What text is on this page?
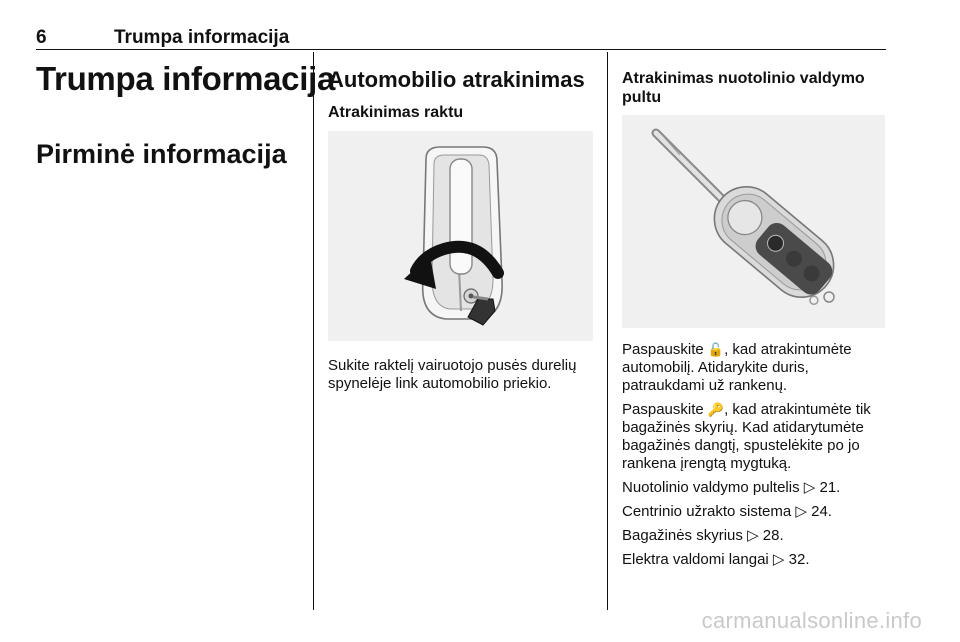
6	Trumpa informacija
Trumpa informacija
Pirminė informacija
Automobilio atrakinimas
Atrakinimas raktu
Sukite raktelį vairuotojo pusės durelių spynelėje link automobilio priekio.
Atrakinimas nuotolinio valdymo pultu

Paspauskite 🔓, kad atrakintumėte automobilį. Atidarykite duris, patraukdami už rankenų.

Paspauskite 🔑, kad atrakintumėte tik bagažinės skyrių. Kad atidarytumėte bagažinės dangtį, spustelėkite po jo rankena įrengtą mygtuką.

Nuotolinio valdymo pultelis ▷ 21.

Centrinio užrakto sistema ▷ 24.

Bagažinės skyrius ▷ 28.

Elektra valdomi langai ▷ 32.

carmanualsonline.info
